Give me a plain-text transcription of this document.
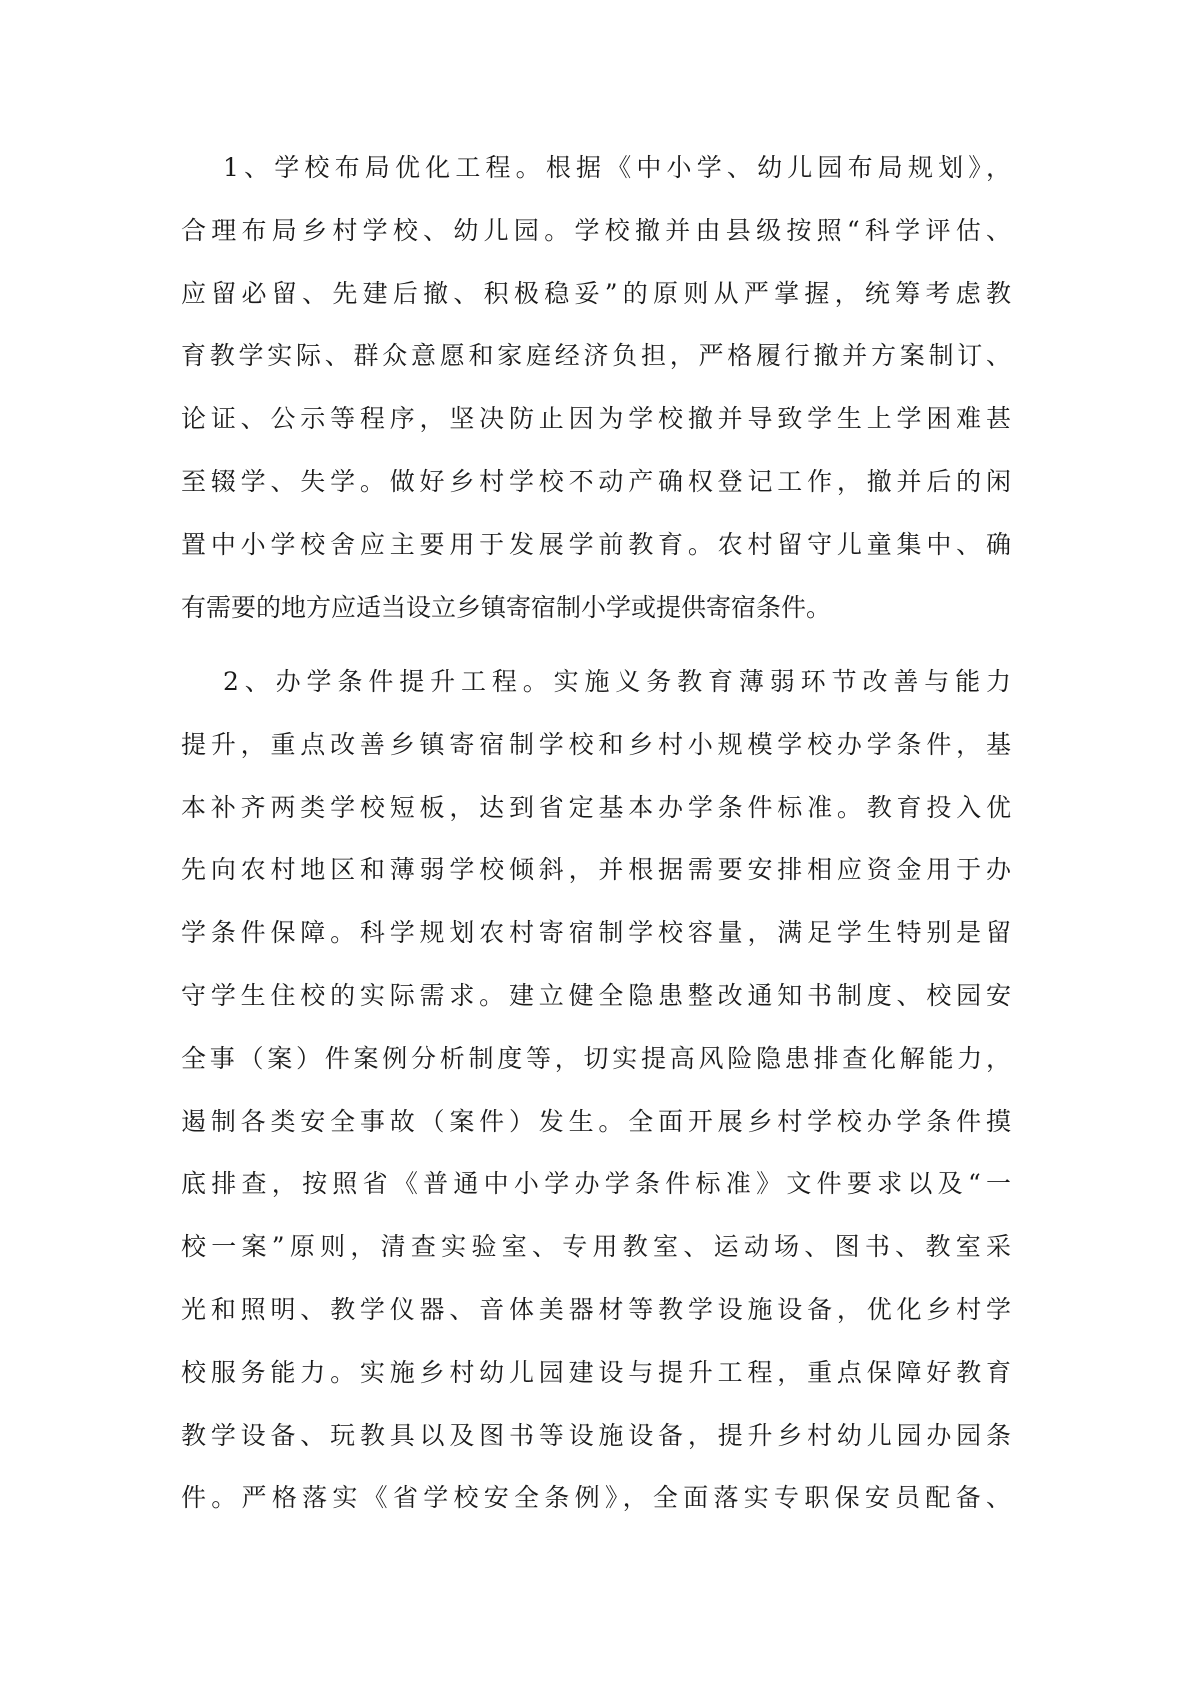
1、学校布局优化工程。根据《中小学、幼儿园布局规划》，
合理布局乡村学校、幼儿园。学校撤并由县级按照“科学评估、
应留必留、先建后撤、积极稳妥”的原则从严掌握，统筹考虑教
育教学实际、群众意愿和家庭经济负担，严格履行撤并方案制订、
论证、公示等程序，坚决防止因为学校撤并导致学生上学困难甚
至辍学、失学。做好乡村学校不动产确权登记工作，撤并后的闲
置中小学校舍应主要用于发展学前教育。农村留守儿童集中、确
有需要的地方应适当设立乡镇寄宿制小学或提供寄宿条件。
2、办学条件提升工程。实施义务教育薄弱环节改善与能力
提升，重点改善乡镇寄宿制学校和乡村小规模学校办学条件，基
本补齐两类学校短板，达到省定基本办学条件标准。教育投入优
先向农村地区和薄弱学校倾斜，并根据需要安排相应资金用于办
学条件保障。科学规划农村寄宿制学校容量，满足学生特别是留
守学生住校的实际需求。建立健全隐患整改通知书制度、校园安
全事（案）件案例分析制度等，切实提高风险隐患排查化解能力，
遏制各类安全事故（案件）发生。全面开展乡村学校办学条件摸
底排查，按照省《普通中小学办学条件标准》文件要求以及“一
校一案”原则，清查实验室、专用教室、运动场、图书、教室采
光和照明、教学仪器、音体美器材等教学设施设备，优化乡村学
校服务能力。实施乡村幼儿园建设与提升工程，重点保障好教育
教学设备、玩教具以及图书等设施设备，提升乡村幼儿园办园条
件。严格落实《省学校安全条例》，全面落实专职保安员配备、
